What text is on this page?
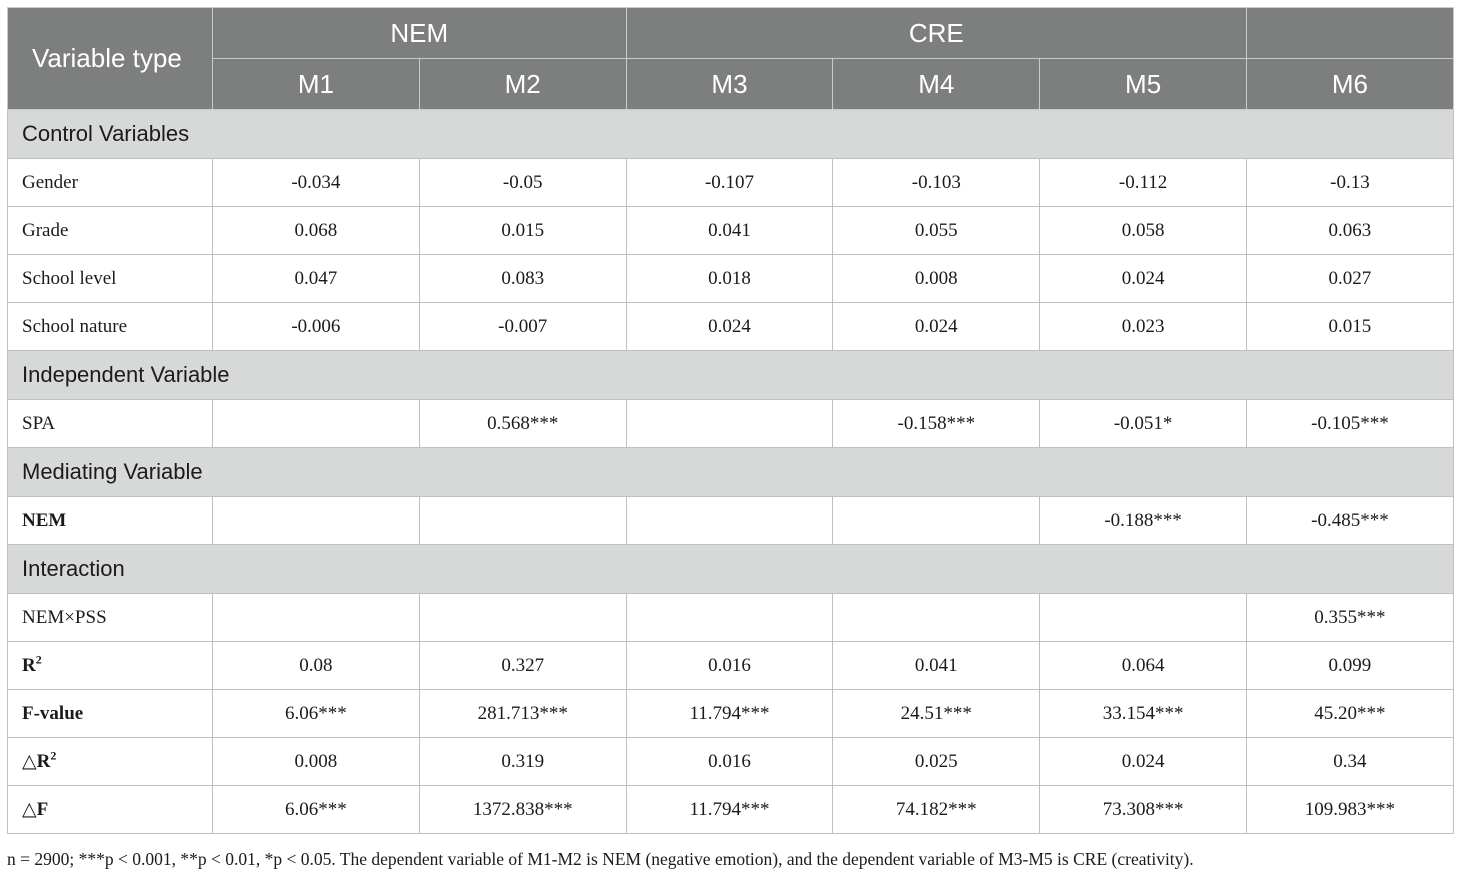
Variable type	NEM		CRE			
	M1	M2	M3	M4	M5	M6
Control Variables						
Gender	-0.034	-0.05	-0.107	-0.103	-0.112	-0.13
Grade	0.068	0.015	0.041	0.055	0.058	0.063
School level	0.047	0.083	0.018	0.008	0.024	0.027
School nature	-0.006	-0.007	0.024	0.024	0.023	0.015
Independent Variable						
SPA		0.568***		-0.158***	-0.051*	-0.105***
Mediating Variable						
NEM					-0.188***	-0.485***
Interaction						
NEM×PSS						0.355***
$R^2$	0.08	0.327	0.016	0.041	0.064	0.099
F-value	6.06***	281.713***	11.794***	24.51***	33.154***	45.20***
$\triangle R^2$	0.008	0.319	0.016	0.025	0.024	0.34
△F	6.06***	1372.838***	11.794***	74.182***	73.308***	109.983***
n = 2900; ***p < 0.001, **p < 0.01, *p < 0.05. The dependent variable of M1-M2 is NEM (negative emotion), and the dependent variable of M3-M5 is CRE (creativity).
